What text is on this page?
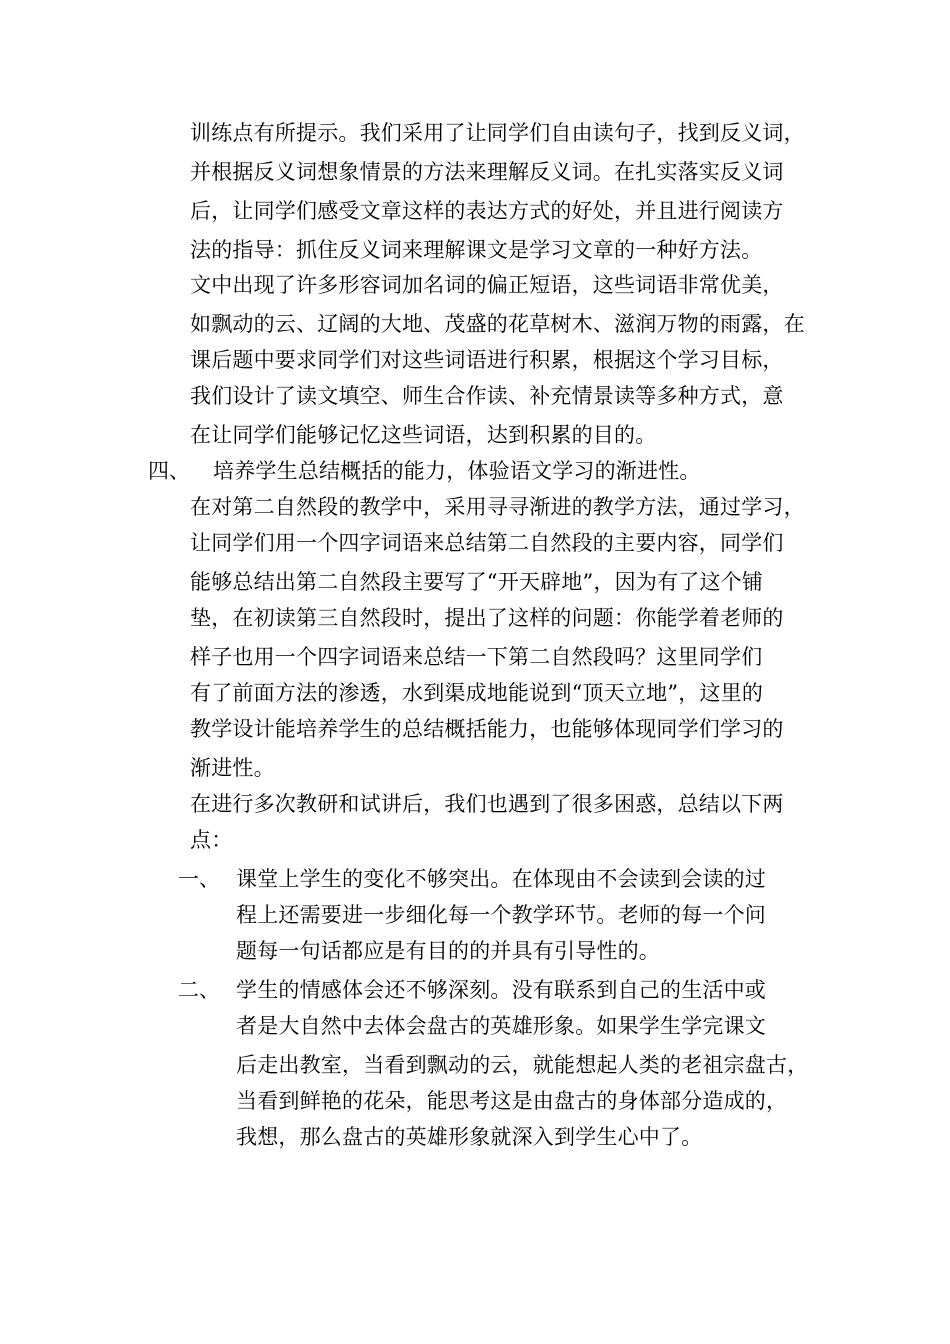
训练点有所提示。我们采用了让同学们自由读句子，找到反义词，
并根据反义词想象情景的方法来理解反义词。在扎实落实反义词
后，让同学们感受文章这样的表达方式的好处，并且进行阅读方
法的指导：抓住反义词来理解课文是学习文章的一种好方法。
文中出现了许多形容词加名词的偏正短语，这些词语非常优美，
如飘动的云、辽阔的大地、茂盛的花草树木、滋润万物的雨露，在
课后题中要求同学们对这些词语进行积累，根据这个学习目标，
我们设计了读文填空、师生合作读、补充情景读等多种方式，意
在让同学们能够记忆这些词语，达到积累的目的。
四、 培养学生总结概括的能力，体验语文学习的渐进性。
在对第二自然段的教学中，采用寻寻渐进的教学方法，通过学习，
让同学们用一个四字词语来总结第二自然段的主要内容，同学们
能够总结出第二自然段主要写了“开天辟地”，因为有了这个铺
垫，在初读第三自然段时，提出了这样的问题：你能学着老师的
样子也用一个四字词语来总结一下第二自然段吗？这里同学们
有了前面方法的渗透，水到渠成地能说到“顶天立地”，这里的
教学设计能培养学生的总结概括能力，也能够体现同学们学习的
渐进性。
在进行多次教研和试讲后，我们也遇到了很多困惑，总结以下两
点：
一、 课堂上学生的变化不够突出。在体现由不会读到会读的过
程上还需要进一步细化每一个教学环节。老师的每一个问
题每一句话都应是有目的的并具有引导性的。
二、 学生的情感体会还不够深刻。没有联系到自己的生活中或
者是大自然中去体会盘古的英雄形象。如果学生学完课文
后走出教室，当看到飘动的云，就能想起人类的老祖宗盘古，
当看到鲜艳的花朵，能思考这是由盘古的身体部分造成的，
我想，那么盘古的英雄形象就深入到学生心中了。
